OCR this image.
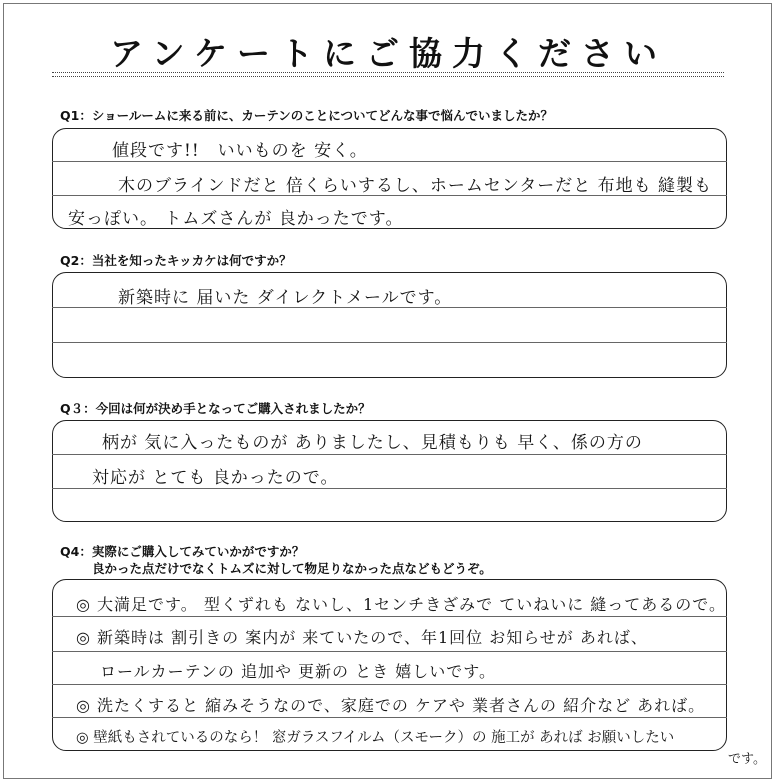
アンケートにご協力ください
Q1：ショールームに来る前に、カーテンのことについてどんな事で悩んでいましたか？
値段です!!　いいものを 安く。
木のブラインドだと 倍くらいするし、ホームセンターだと 布地も 縫製も
安っぽい。 トムズさんが 良かったです。
Q2：当社を知ったキッカケは何ですか？
新築時に 届いた ダイレクトメールです。
Q３：今回は何が決め手となってご購入されましたか？
柄が 気に入ったものが ありましたし、見積もりも 早く、係の方の
対応が とても 良かったので。
Q4：実際にご購入してみていかがですか？
良かった点だけでなくトムズに対して物足りなかった点などもどうぞ。
◎ 大満足です。 型くずれも ないし、1センチきざみで ていねいに 縫ってあるので。
◎ 新築時は 割引きの 案内が 来ていたので、年1回位 お知らせが あれば、
ロールカーテンの 追加や 更新の とき 嬉しいです。
◎ 洗たくすると 縮みそうなので、家庭での ケアや 業者さんの 紹介など あれば。
◎ 壁紙もされているのなら！ 窓ガラスフイルム（スモーク）の 施工が あれば お願いしたい
です。
